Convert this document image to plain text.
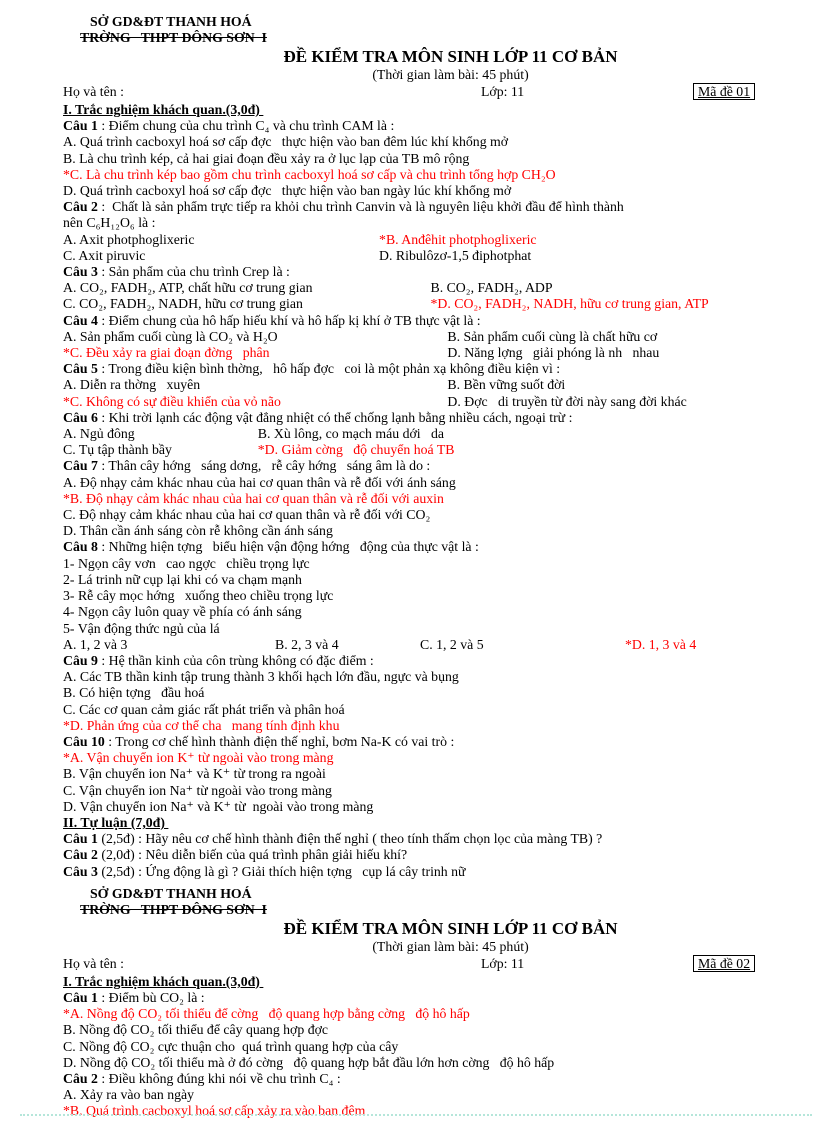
SỞ GD&ĐT THANH HOÁ
TRỜNG   THPT ĐÔNG SƠN  I
ĐỀ KIỂM TRA MÔN SINH LỚP 11 CƠ BẢN
(Thời gian làm bài: 45 phút)
Họ và tên :	Lớp: 11	Mã đề 01
I. Trắc nghiệm khách quan.(3,0đ)
Câu 1 : Điểm chung của chu trình C₄ và chu trình CAM là :
A. Quá trình cacboxyl hoá sơ cấp đợc   thực hiện vào ban đêm lúc khí khổng mở
B. Là chu trình kép, cả hai giai đoạn đều xảy ra ở lục lạp của TB mô rộng
*C. Là chu trình kép bao gồm chu trình cacboxyl hoá sơ cấp và chu trình tổng hợp CH₂O
D. Quá trình cacboxyl hoá sơ cấp đợc   thực hiện vào ban ngày lúc khí khổng mở
Câu 2 :  Chất là sản phẩm trực tiếp ra khỏi chu trình Canvin và là nguyên liệu khởi đầu để hình thành
nên C₆H₁₂O₆ là :
A. Axit photphoglixeric	*B. Anđêhit photphoglixeric
C. Axit piruvic	D. Ribulôzơ-1,5 điphotphat
Câu 3 : Sản phẩm của chu trình Crep là :
A. CO₂, FADH₂, ATP, chất hữu cơ trung gian	B. CO₂, FADH₂, ADP
C. CO₂, FADH₂, NADH, hữu cơ trung gian	*D. CO₂, FADH₂, NADH, hữu cơ trung gian, ATP
Câu 4 : Điểm chung của hô hấp hiếu khí và hô hấp kị khí ở TB thực vật là :
A. Sản phẩm cuối cùng là CO₂ và H₂O	B. Sản phẩm cuối cùng là chất hữu cơ
*C. Đều xảy ra giai đoạn đờng   phân	D. Năng lợng   giải phóng là nh   nhau
Câu 5 : Trong điều kiện bình thờng,   hô hấp đợc   coi là một phản xạ không điều kiện vì :
A. Diễn ra thờng   xuyên	B. Bền vững suốt đời
*C. Không có sự điều khiển của vỏ não	D. Đợc   di truyền từ đời này sang đời khác
Câu 6 : Khi trời lạnh các động vật đẳng nhiệt có thể chống lạnh bằng nhiều cách, ngoại trừ :
A. Ngủ đông	B. Xù lông, co mạch máu dới   da
C. Tụ tập thành bầy	*D. Giảm cờng   độ chuyển hoá TB
Câu 7 : Thân cây hớng   sáng dơng,   rễ cây hớng   sáng âm là do :
A. Độ nhạy cảm khác nhau của hai cơ quan thân và rễ đối với ánh sáng
*B. Độ nhạy cảm khác nhau của hai cơ quan thân và rễ đối với auxin
C. Độ nhạy cảm khác nhau của hai cơ quan thân và rễ đối với CO₂
D. Thân cần ánh sáng còn rễ không cần ánh sáng
Câu 8 : Những hiện tợng   biểu hiện vận động hớng   động của thực vật là :
1- Ngọn cây vơn   cao ngợc   chiều trọng lực
2- Lá trinh nữ cụp lại khi có va chạm mạnh
3- Rễ cây mọc hớng   xuống theo chiều trọng lực
4- Ngọn cây luôn quay về phía có ánh sáng
5- Vận động thức ngủ của lá
A. 1, 2 và 3	B. 2, 3 và 4	C. 1, 2 và 5	*D. 1, 3 và 4
Câu 9 : Hệ thần kinh của côn trùng không có đặc điểm :
A. Các TB thần kinh tập trung thành 3 khối hạch lớn đầu, ngực và bụng
B. Có hiện tợng   đầu hoá
C. Các cơ quan cảm giác rất phát triển và phân hoá
*D. Phản ứng của cơ thể cha   mang tính định khu
Câu 10 : Trong cơ chế hình thành điện thế nghỉ, bơm Na-K có vai trò :
*A. Vận chuyển ion K⁺ từ ngoài vào trong màng
B. Vận chuyển ion Na⁺ và K⁺ từ trong ra ngoài
C. Vận chuyển ion Na⁺ từ ngoài vào trong màng
D. Vận chuyển ion Na⁺ và K⁺ từ  ngoài vào trong màng
II. Tự luận (7,0đ)
Câu 1 (2,5đ) : Hãy nêu cơ chế hình thành điện thế nghỉ ( theo tính thấm chọn lọc của màng TB) ?
Câu 2 (2,0đ) : Nêu diễn biến của quá trình phân giải hiếu khí?
Câu 3 (2,5đ) : Ứng động là gì ? Giải thích hiện tợng   cụp lá cây trinh nữ
SỞ GD&ĐT THANH HOÁ
TRỜNG   THPT ĐÔNG SƠN  I
ĐỀ KIỂM TRA MÔN SINH LỚP 11 CƠ BẢN
(Thời gian làm bài: 45 phút)
Họ và tên :	Lớp: 11	Mã đề 02
I. Trắc nghiệm khách quan.(3,0đ)
Câu 1 : Điểm bù CO₂ là :
*A. Nồng độ CO₂ tối thiểu để cờng   độ quang hợp bằng cờng   độ hô hấp
B. Nồng độ CO₂ tối thiểu để cây quang hợp đợc
C. Nồng độ CO₂ cực thuận cho  quá trình quang hợp của cây
D. Nồng độ CO₂ tối thiểu mà ở đó cờng   độ quang hợp bắt đầu lớn hơn cờng   độ hô hấp
Câu 2 : Điều không đúng khi nói về chu trình C₄ :
A. Xảy ra vào ban ngày
*B. Quá trình cacboxyl hoá sơ cấp xảy ra vào ban đêm
